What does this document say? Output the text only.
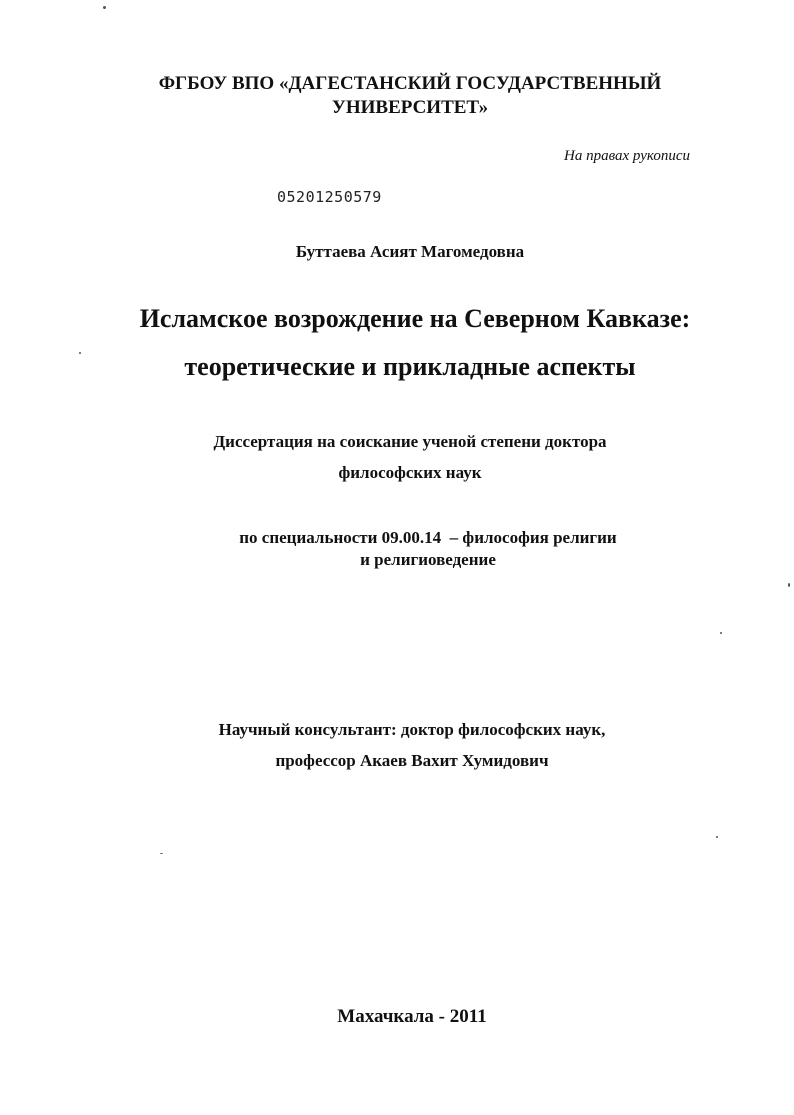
ФГБОУ ВПО «ДАГЕСТАНСКИЙ ГОСУДАРСТВЕННЫЙ
УНИВЕРСИТЕТ»

На правах рукописи

05201250579

Буттаева Асият Магомедовна

Исламское возрождение на Северном Кавказе:

теоретические и прикладные аспекты

Диссертация на соискание ученой степени доктора

философских наук

по специальности 09.00.14  – философия религии

и религиоведение

Научный консультант: доктор философских наук,

профессор Акаев Вахит Хумидович

Махачкала - 2011
